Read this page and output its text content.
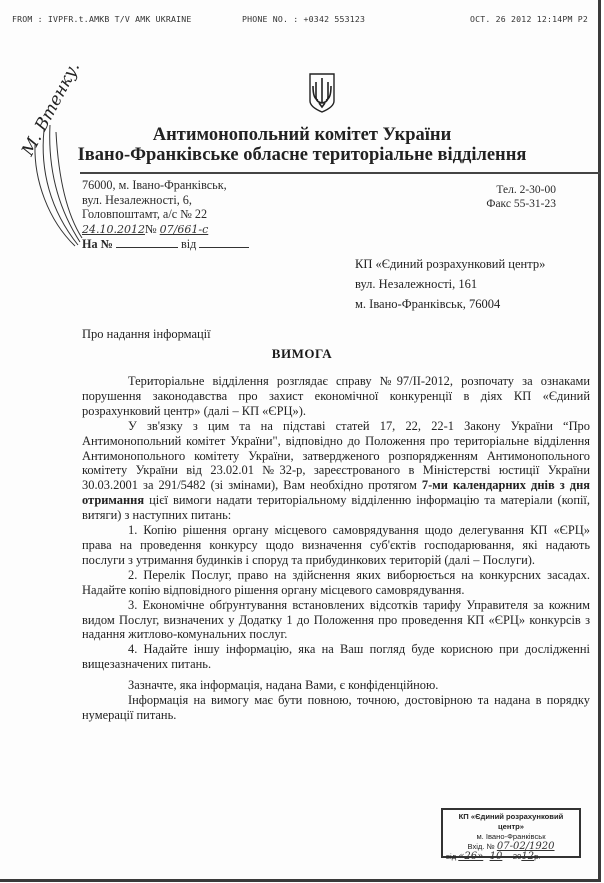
FROM : IVPFR.t.AMKB T/V AMK UKRAINE	PHONE NO. : +0342 553123	OCT. 26 2012 12:14PM P2
М. Втенку.	Антимонопольний комітет України
Івано-Франківське обласне територіальне відділення
76000, м. Івано-Франківськ,
вул. Незалежності, 6,
Головпоштамт, а/с № 22
24.10.2012№ 07/661-с
На №	від
Тел. 2-30-00
Факс 55-31-23
КП «Єдиний розрахунковий центр»
вул. Незалежності, 161
м. Івано-Франківськ, 76004
Про надання інформації
ВИМОГА

Територіальне відділення розглядає справу №97/II-2012, розпочату за ознаками порушення законодавства про захист економічної конкуренції в діях КП «Єдиний розрахунковий центр» (далі – КП «ЄРЦ»).

У зв'язку з цим та на підставі статей 17, 22, 22-1 Закону України “Про Антимонопольний комітет України", відповідно до Положення про територіальне відділення Антимонопольного комітету України, затвердженого розпорядженням Антимонопольного комітету України від 23.02.01 №32-р, зареєстрованого в Міністерстві юстиції України 30.03.2001 за 291/5482 (зі змінами), Вам необхідно протягом 7-ми календарних днів з дня отримання цієї вимоги надати територіальному відділенню інформацію та матеріали (копії, витяги) з наступних питань:

1. Копію рішення органу місцевого самоврядування щодо делегування КП «ЄРЦ» права на проведення конкурсу щодо визначення суб'єктів господарювання, які надають послуги з утримання будинків і споруд та прибудинкових територій (далі – Послуги).

2. Перелік Послуг, право на здійснення яких виборюється на конкурсних засадах. Надайте копію відповідного рішення органу місцевого самоврядування.

3. Економічне обґрунтування встановлених відсотків тарифу Управителя за кожним видом Послуг, визначених у Додатку 1 до Положення про проведення КП «ЄРЦ» конкурсів з надання житлово-комунальних послуг.

4. Надайте іншу інформацію, яка на Ваш погляд буде корисною при дослідженні вищезазначених питань.

Зазначте, яка інформація, надана Вами, є конфіденційною.

Інформація на вимогу має бути повною, точною, достовірною та надана в порядку нумерації питань.

КП «Єдиний розрахунковий центр»
м. Івано-Франківськ
Вхід. № 07-02/1920
від «26» 10 2012р.
